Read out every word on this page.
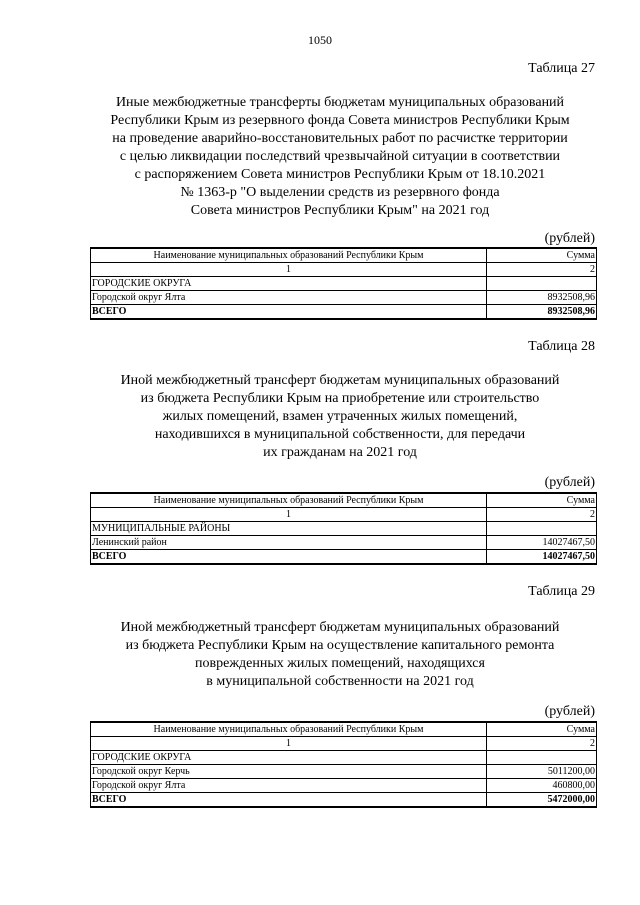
1050
Таблица 27
Иные межбюджетные трансферты бюджетам муниципальных образований
Республики Крым из резервного фонда Совета министров Республики Крым
на проведение аварийно-восстановительных работ по расчистке территории
с целью ликвидации последствий чрезвычайной ситуации в соответствии
с распоряжением Совета министров Республики Крым от 18.10.2021
№ 1363-р "О выделении средств из резервного фонда
Совета министров Республики Крым" на 2021 год
(рублей)
Наименование муниципальных образований Республики Крым	Сумма
1	2
ГОРОДСКИЕ ОКРУГА	
Городской округ Ялта	8932508,96
ВСЕГО	8932508,96
Таблица 28
Иной межбюджетный трансферт бюджетам муниципальных образований
из бюджета Республики Крым на приобретение или строительство
жилых помещений, взамен утраченных жилых помещений,
находившихся в муниципальной собственности, для передачи
их гражданам на 2021 год
(рублей)
Наименование муниципальных образований Республики Крым	Сумма
1	2
МУНИЦИПАЛЬНЫЕ РАЙОНЫ	
Ленинский район	14027467,50
ВСЕГО	14027467,50
Таблица 29
Иной межбюджетный трансферт бюджетам муниципальных образований
из бюджета Республики Крым на осуществление капитального ремонта
поврежденных жилых помещений, находящихся
в муниципальной собственности на 2021 год
(рублей)
Наименование муниципальных образований Республики Крым	Сумма
1	2
ГОРОДСКИЕ ОКРУГА	
Городской округ Керчь	5011200,00
Городской округ Ялта	460800,00
ВСЕГО	5472000,00
